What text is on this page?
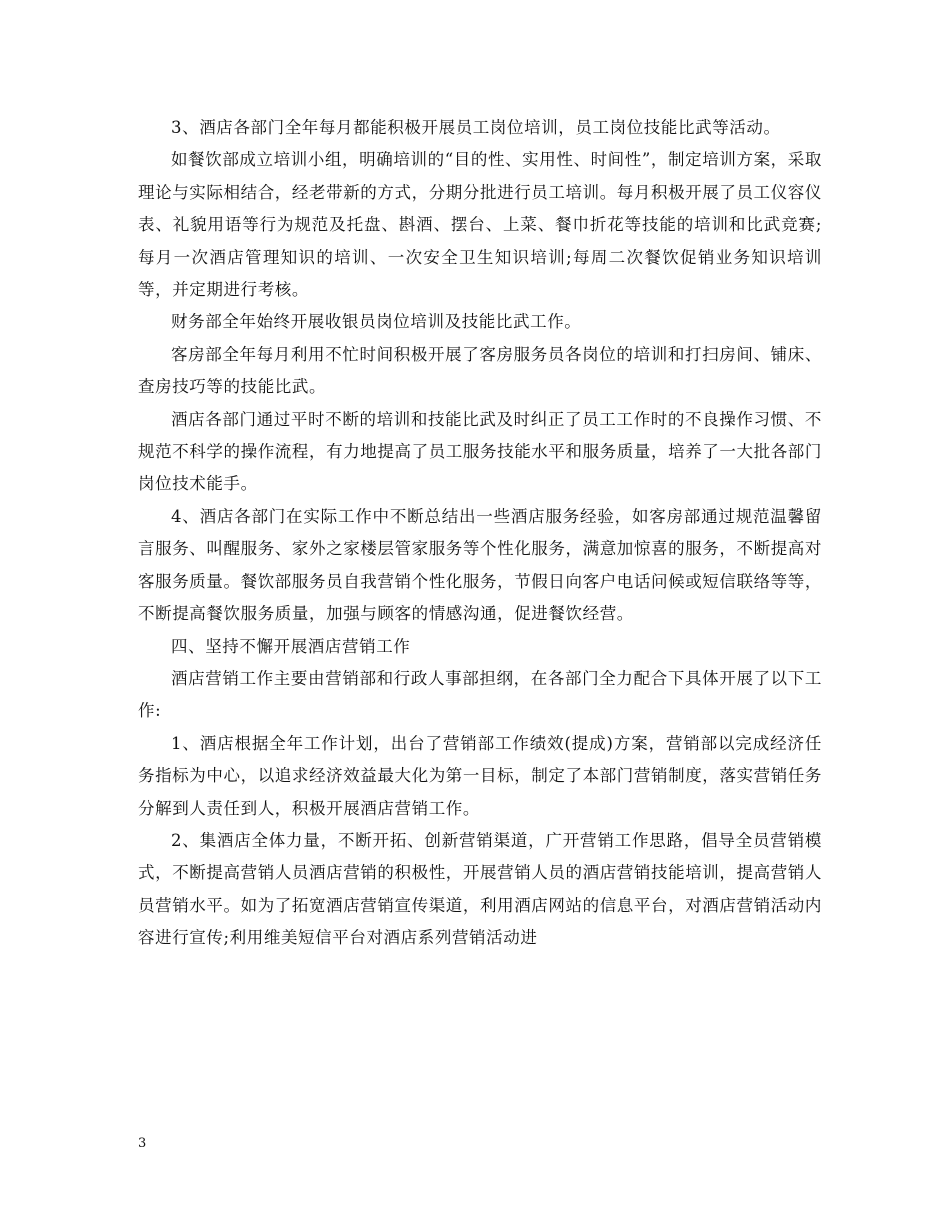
3、酒店各部门全年每月都能积极开展员工岗位培训，员工岗位技能比武等活动。

如餐饮部成立培训小组，明确培训的“目的性、实用性、时间性”，制定培训方案，采取理论与实际相结合，经老带新的方式，分期分批进行员工培训。每月积极开展了员工仪容仪表、礼貌用语等行为规范及托盘、斟酒、摆台、上菜、餐巾折花等技能的培训和比武竞赛;每月一次酒店管理知识的培训、一次安全卫生知识培训;每周二次餐饮促销业务知识培训等，并定期进行考核。

财务部全年始终开展收银员岗位培训及技能比武工作。

客房部全年每月利用不忙时间积极开展了客房服务员各岗位的培训和打扫房间、铺床、查房技巧等的技能比武。

酒店各部门通过平时不断的培训和技能比武及时纠正了员工工作时的不良操作习惯、不规范不科学的操作流程，有力地提高了员工服务技能水平和服务质量，培养了一大批各部门岗位技术能手。

4、酒店各部门在实际工作中不断总结出一些酒店服务经验，如客房部通过规范温馨留言服务、叫醒服务、家外之家楼层管家服务等个性化服务，满意加惊喜的服务，不断提高对客服务质量。餐饮部服务员自我营销个性化服务，节假日向客户电话问候或短信联络等等，不断提高餐饮服务质量，加强与顾客的情感沟通，促进餐饮经营。

四、坚持不懈开展酒店营销工作

酒店营销工作主要由营销部和行政人事部担纲，在各部门全力配合下具体开展了以下工作:

1、酒店根据全年工作计划，出台了营销部工作绩效(提成)方案，营销部以完成经济任务指标为中心，以追求经济效益最大化为第一目标，制定了本部门营销制度，落实营销任务分解到人责任到人，积极开展酒店营销工作。

2、集酒店全体力量，不断开拓、创新营销渠道，广开营销工作思路，倡导全员营销模式，不断提高营销人员酒店营销的积极性，开展营销人员的酒店营销技能培训，提高营销人员营销水平。如为了拓宽酒店营销宣传渠道，利用酒店网站的信息平台，对酒店营销活动内容进行宣传;利用维美短信平台对酒店系列营销活动进

3
